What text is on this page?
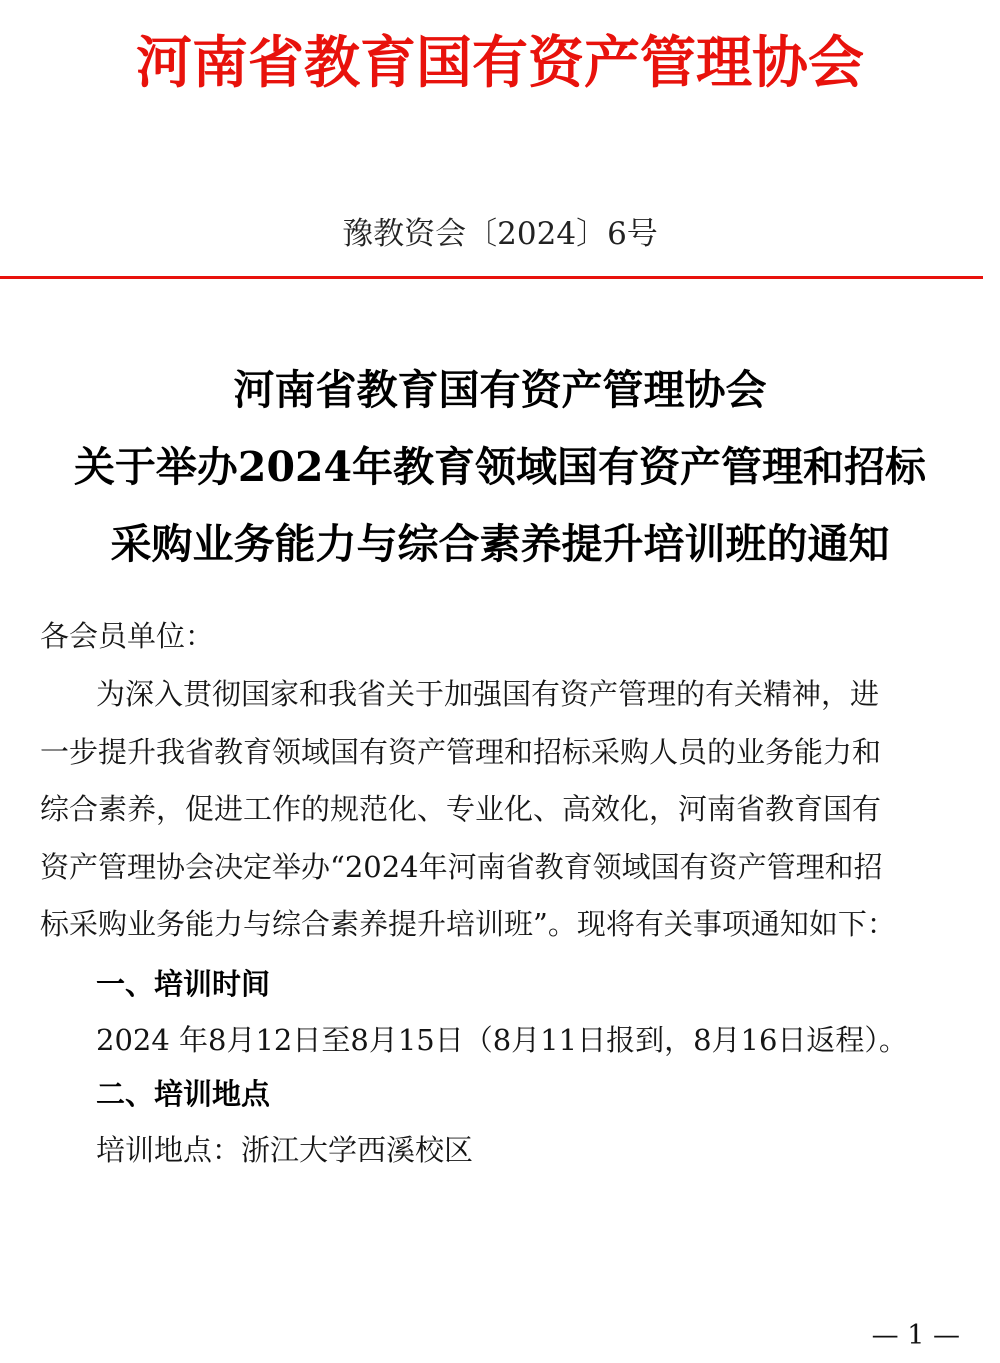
河南省教育国有资产管理协会
豫教资会〔2024〕6号
河南省教育国有资产管理协会
关于举办2024年教育领域国有资产管理和招标
采购业务能力与综合素养提升培训班的通知
各会员单位：
为深入贯彻国家和我省关于加强国有资产管理的有关精神，进
一步提升我省教育领域国有资产管理和招标采购人员的业务能力和
综合素养，促进工作的规范化、专业化、高效化，河南省教育国有
资产管理协会决定举办“2024年河南省教育领域国有资产管理和招
标采购业务能力与综合素养提升培训班”。现将有关事项通知如下：
一、培训时间
2024 年8月12日至8月15日（8月11日报到，8月16日返程）。
二、培训地点
培训地点：浙江大学西溪校区
— 1 —
